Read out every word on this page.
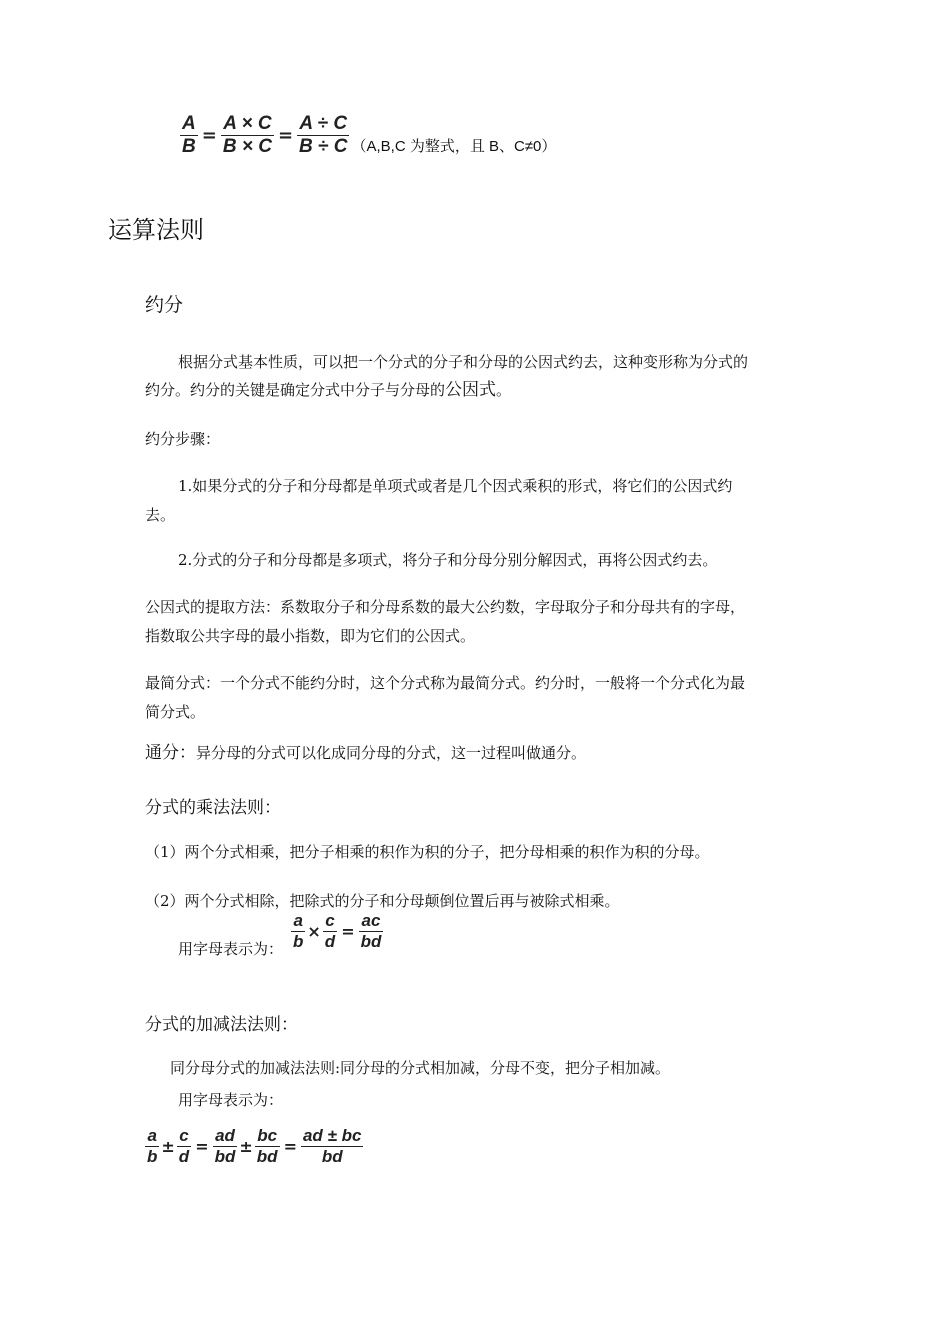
$\frac{A}{B} = \frac{A \times C}{B \times C} = \frac{A \div C}{B \div C} (A,B,C$ 为整式，且 B、C≠0）
运算法则
约分
根据分式基本性质，可以把一个分式的分子和分母的公因式约去，这种变形称为分式的
约分。约分的关键是确定分式中分子与分母的公因式。
约分步骤：
1.如果分式的分子和分母都是单项式或者是几个因式乘积的形式，将它们的公因式约
去。
2.分式的分子和分母都是多项式，将分子和分母分别分解因式，再将公因式约去。
公因式的提取方法：系数取分子和分母系数的最大公约数，字母取分子和分母共有的字母，
指数取公共字母的最小指数，即为它们的公因式。
最简分式：一个分式不能约分时，这个分式称为最简分式。约分时，一般将一个分式化为最
简分式。
通分：异分母的分式可以化成同分母的分式，这一过程叫做通分。
分式的乘法法则：
（1）两个分式相乘，把分子相乘的积作为积的分子，把分母相乘的积作为积的分母。
（2）两个分式相除，把除式的分子和分母颠倒位置后再与被除式相乘。
用字母表示为： $\frac{a}{b} \times \frac{c}{d} = \frac{ac}{bd}$
分式的加减法法则：
同分母分式的加减法法则:同分母的分式相加减，分母不变，把分子相加减。
用字母表示为：
$\frac{a}{b} \pm \frac{c}{d} = \frac{ad}{bd} \pm \frac{bc}{bd} = \frac{ad \pm bc}{bd}$
